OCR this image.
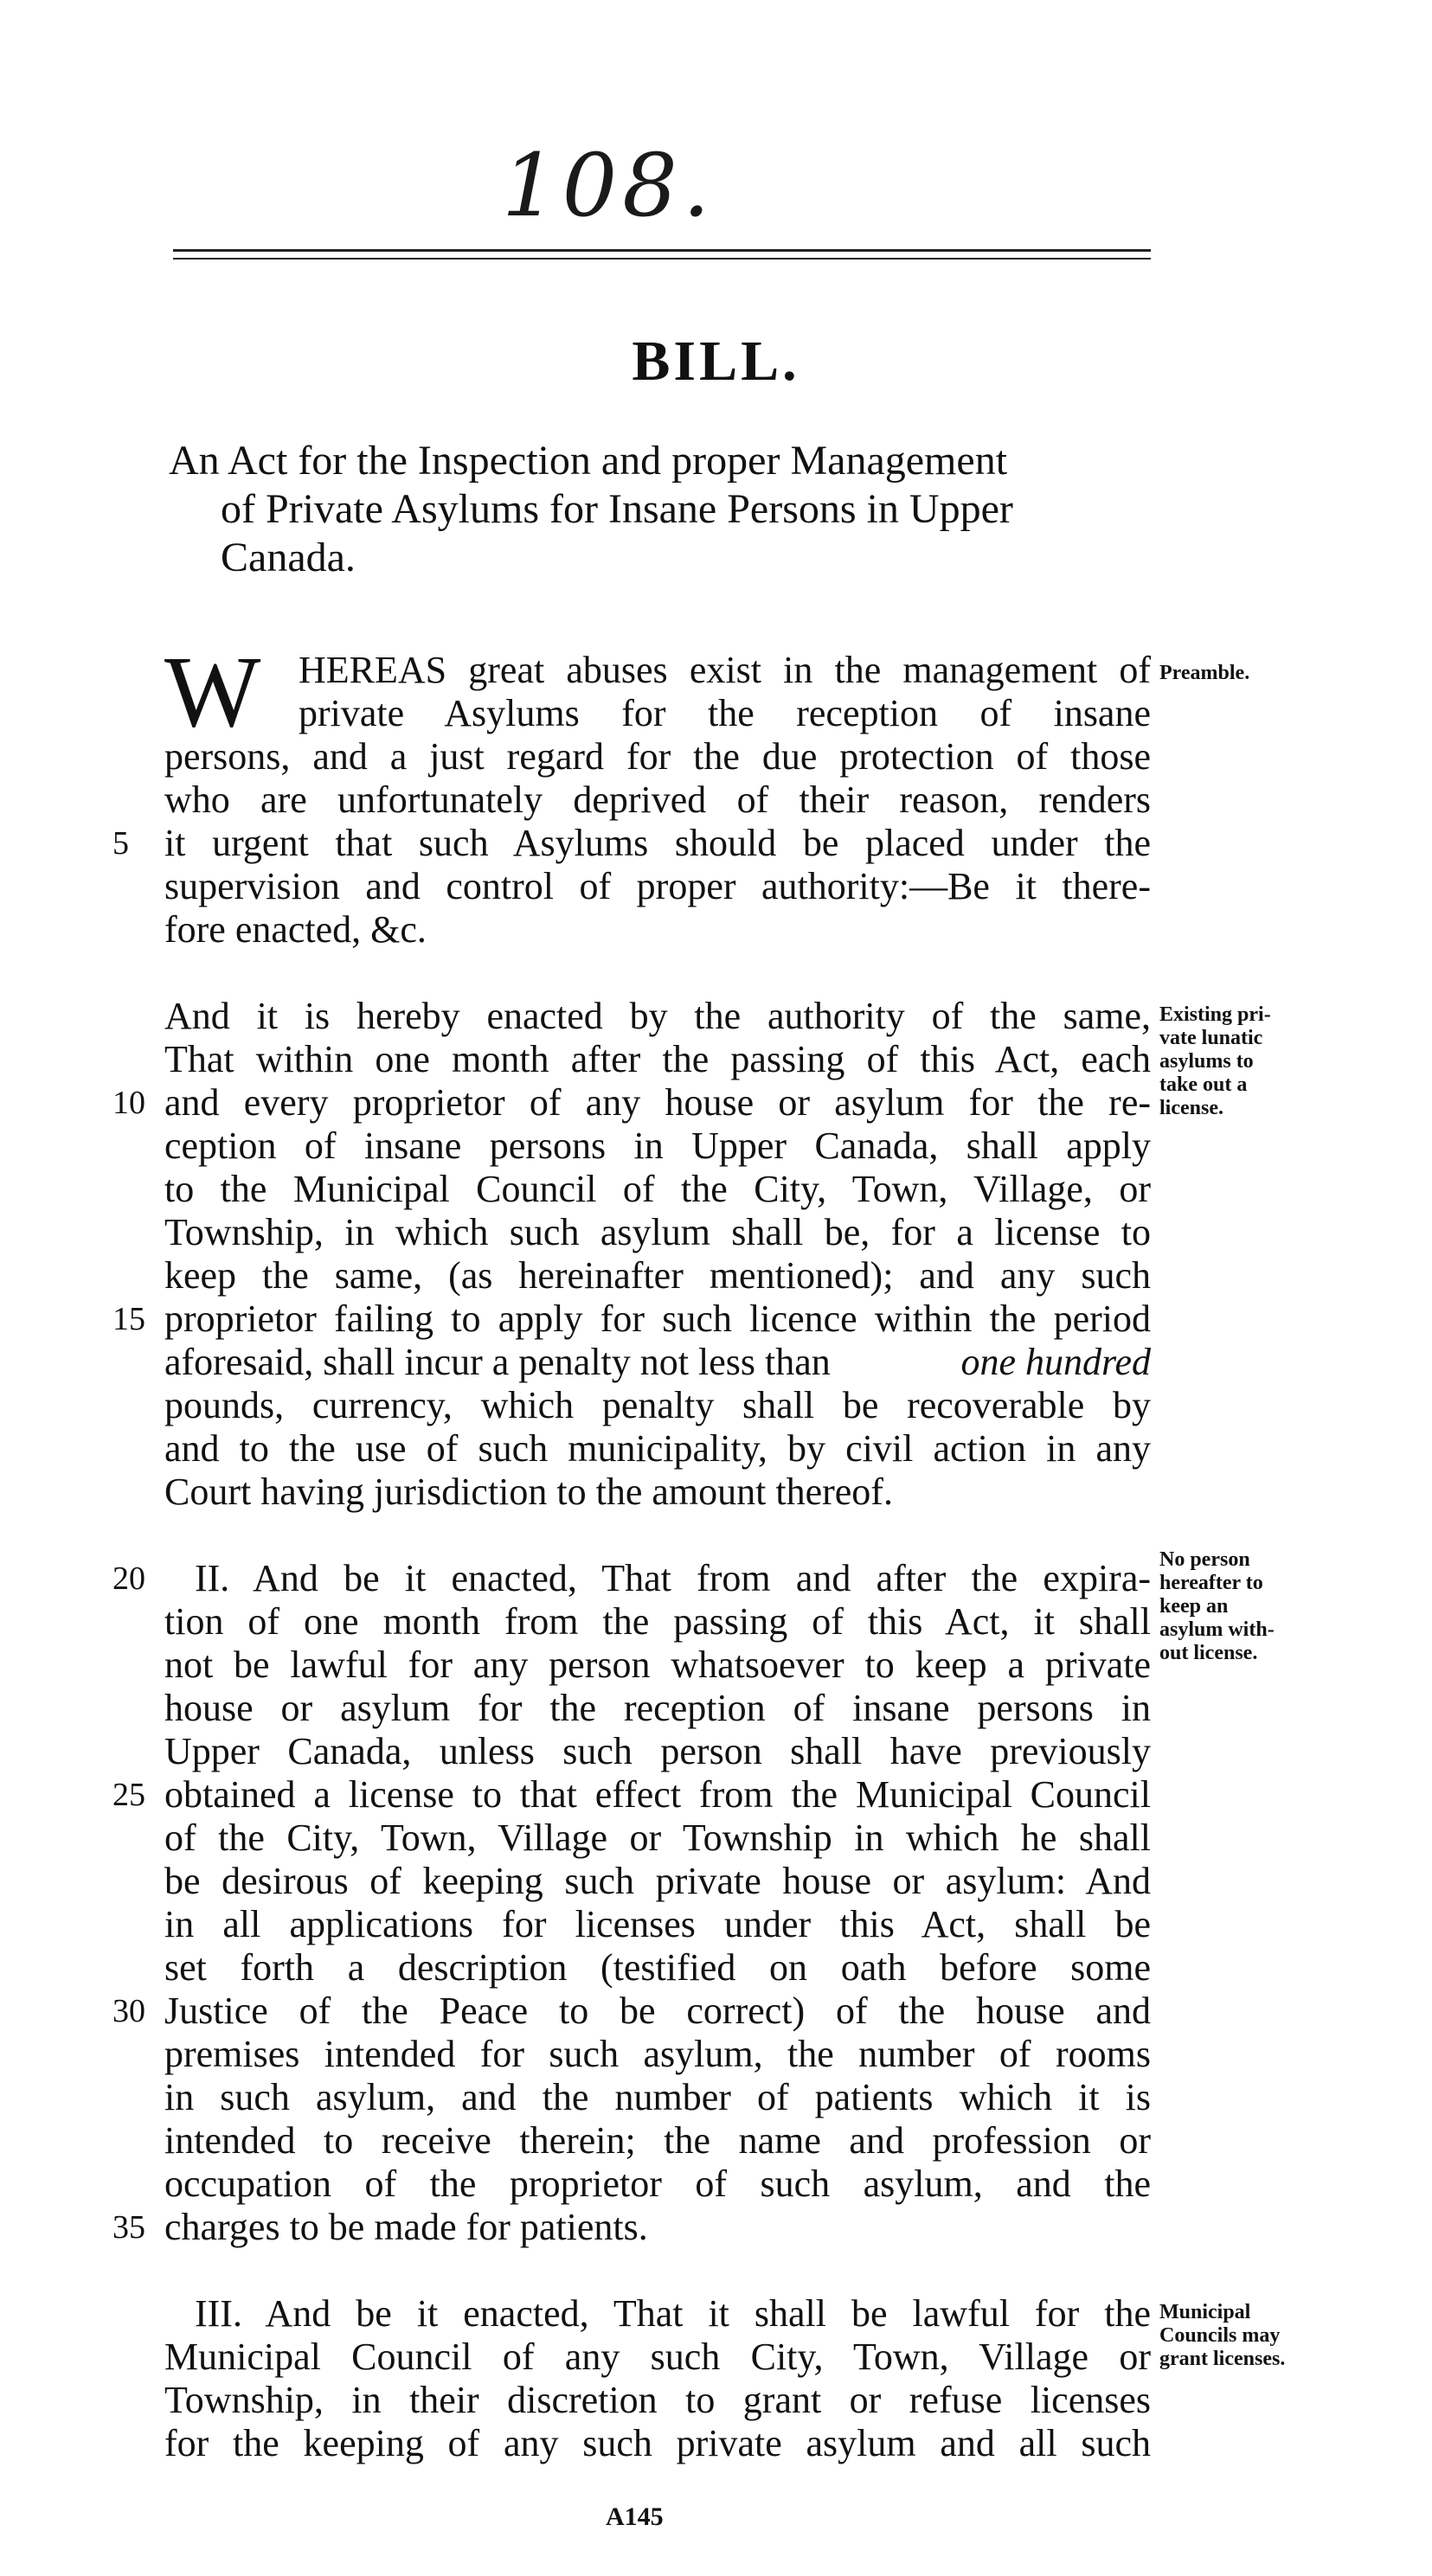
108.
BILL.
An Act for the Inspection and proper Management
of Private Asylums for Insane Persons in Upper
Canada.
W HEREAS great abuses exist in the management of
private Asylums for the reception of insane
persons, and a just regard for the due protection of those
who are unfortunately deprived of their reason, renders
it urgent that such Asylums should be placed under the
supervision and control of proper authority:—Be it there-
fore enacted, &c.
Preamble.
And it is hereby enacted by the authority of the same,
That within one month after the passing of this Act, each
and every proprietor of any house or asylum for the re-
ception of insane persons in Upper Canada, shall apply
to the Municipal Council of the City, Town, Village, or
Township, in which such asylum shall be, for a license to
keep the same, (as hereinafter mentioned); and any such
proprietor failing to apply for such licence within the period
aforesaid, shall incur a penalty not less than	one hundred
pounds, currency, which penalty shall be recoverable by
and to the use of such municipality, by civil action in any
Court having jurisdiction to the amount thereof.
Existing pri-
vate lunatic
asylums to
take out a
license.
II. And be it enacted, That from and after the expira-
tion of one month from the passing of this Act, it shall
not be lawful for any person whatsoever to keep a private
house or asylum for the reception of insane persons in
Upper Canada, unless such person shall have previously
obtained a license to that effect from the Municipal Council
of the City, Town, Village or Township in which he shall
be desirous of keeping such private house or asylum: And
in all applications for licenses under this Act, shall be
set forth a description (testified on oath before some
Justice of the Peace to be correct) of the house and
premises intended for such asylum, the number of rooms
in such asylum, and the number of patients which it is
intended to receive therein; the name and profession or
occupation of the proprietor of such asylum, and the
charges to be made for patients.
No person
hereafter to
keep an
asylum with-
out license.
III. And be it enacted, That it shall be lawful for the
Municipal Council of any such City, Town, Village or
Township, in their discretion to grant or refuse licenses
for the keeping of any such private asylum and all such
Municipal
Councils may
grant licenses.
5
10
15
20
25
30
35
A145
